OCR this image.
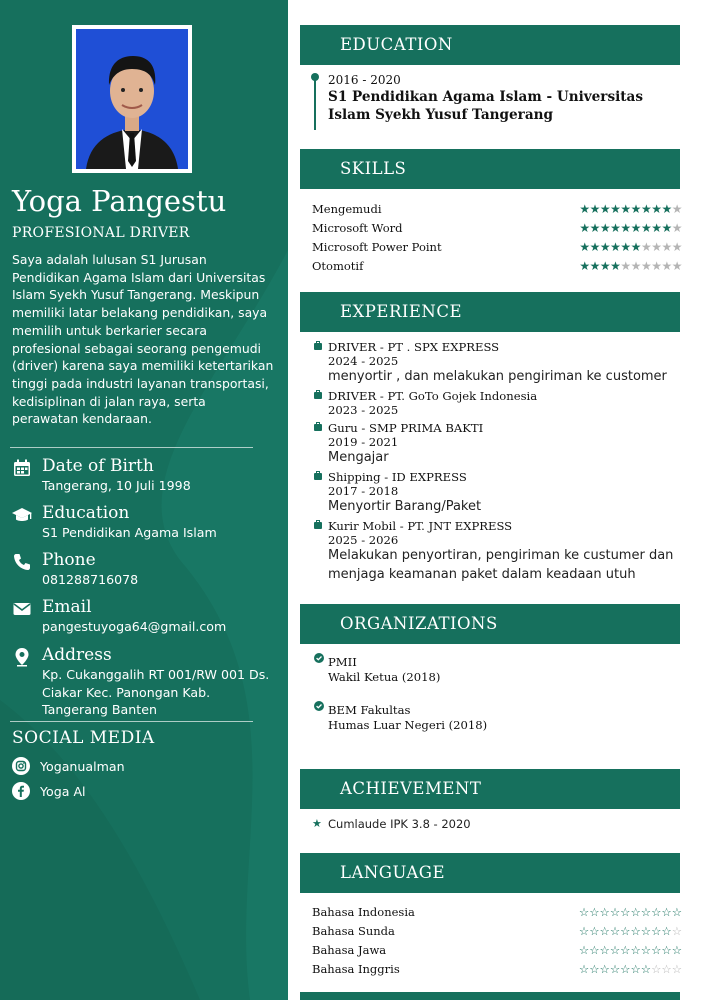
Yoga Pangestu
PROFESIONAL DRIVER

Saya adalah lulusan S1 Jurusan Pendidikan Agama Islam dari Universitas Islam Syekh Yusuf Tangerang. Meskipun memiliki latar belakang pendidikan, saya memilih untuk berkarier secara profesional sebagai seorang pengemudi (driver) karena saya memiliki ketertarikan tinggi pada industri layanan transportasi, kedisiplinan di jalan raya, serta perawatan kendaraan.

Date of Birth
Tangerang, 10 Juli 1998
Education
S1 Pendidikan Agama Islam
Phone
081288716078
Email
pangestuyoga64@gmail.com
Address
Kp. Cukanggalih RT 001/RW 001 Ds. Ciakar Kec. Panongan Kab. Tangerang Banten
SOCIAL MEDIA
Yoganualman
Yoga Al
EDUCATION
2016 - 2020
S1 Pendidikan Agama Islam - Universitas Islam Syekh Yusuf Tangerang
SKILLS
Mengemudi	★★★★★★★★★★
Microsoft Word	★★★★★★★★★★
Microsoft Power Point	★★★★★★★★★★
Otomotif	★★★★★★★★★★
EXPERIENCE
DRIVER - PT . SPX EXPRESS
2024 - 2025
menyortir , dan melakukan pengiriman ke customer
DRIVER - PT. GoTo Gojek Indonesia
2023 - 2025
Guru - SMP PRIMA BAKTI
2019 - 2021
Mengajar
Shipping - ID EXPRESS
2017 - 2018
Menyortir Barang/Paket
Kurir Mobil - PT. JNT EXPRESS
2025 - 2026
Melakukan penyortiran, pengiriman ke custumer dan menjaga keamanan paket dalam keadaan utuh
ORGANIZATIONS
PMII
Wakil Ketua (2018)
BEM Fakultas
Humas Luar Negeri (2018)
ACHIEVEMENT
★ Cumlaude IPK 3.8 - 2020
LANGUAGE
Bahasa Indonesia	☆☆☆☆☆☆☆☆☆☆
Bahasa Sunda	☆☆☆☆☆☆☆☆☆☆
Bahasa Jawa	☆☆☆☆☆☆☆☆☆☆
Bahasa Inggris	☆☆☆☆☆☆☆☆☆☆
